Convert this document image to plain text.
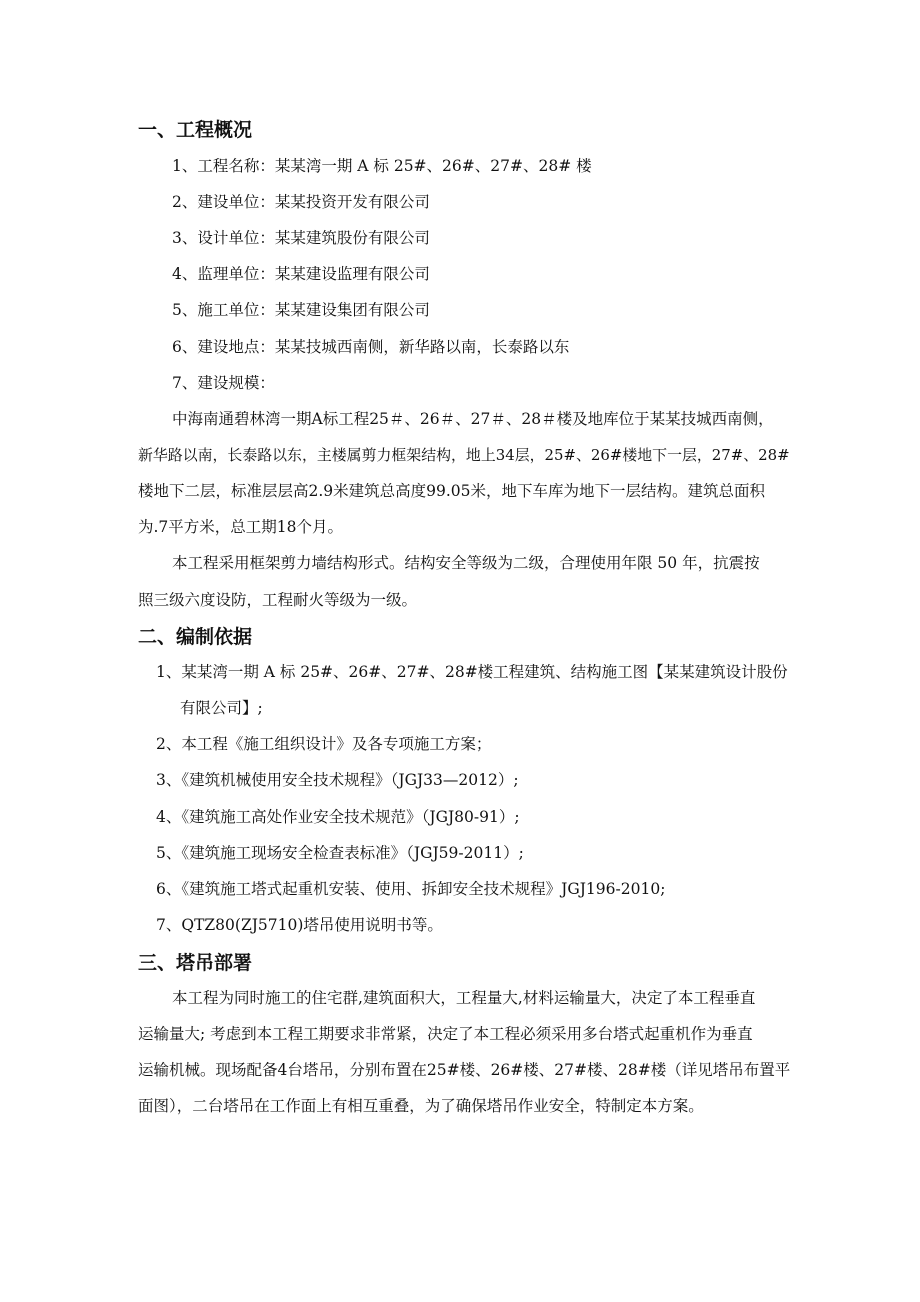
一、工程概况
1、工程名称：某某湾一期 A 标 25#、26#、27#、28# 楼
2、建设单位：某某投资开发有限公司
3、设计单位：某某建筑股份有限公司
4、监理单位：某某建设监理有限公司
5、施工单位：某某建设集团有限公司
6、建设地点：某某技城西南侧，新华路以南，长泰路以东
7、建设规模：
中海南通碧林湾一期A标工程25＃、26＃、27＃、28＃楼及地库位于某某技城西南侧，
新华路以南，长泰路以东，主楼属剪力框架结构，地上34层，25#、26#楼地下一层，27#、28#
楼地下二层，标准层层高2.9米建筑总高度99.05米，地下车库为地下一层结构。建筑总面积
为.7平方米，总工期18个月。
本工程采用框架剪力墙结构形式。结构安全等级为二级，合理使用年限 50 年，抗震按
照三级六度设防，工程耐火等级为一级。
二、编制依据
1、某某湾一期 A 标 25#、26#、27#、28#楼工程建筑、结构施工图【某某建筑设计股份
有限公司】;
2、本工程《施工组织设计》及各专项施工方案；
3、《建筑机械使用安全技术规程》（JGJ33—2012）;
4、《建筑施工高处作业安全技术规范》（JGJ80-91）;
5、《建筑施工现场安全检查表标准》（JGJ59-2011）;
6、《建筑施工塔式起重机安装、使用、拆卸安全技术规程》JGJ196-2010;
7、QTZ80(ZJ5710)塔吊使用说明书等。
三、塔吊部署
本工程为同时施工的住宅群,建筑面积大，工程量大,材料运输量大，决定了本工程垂直
运输量大; 考虑到本工程工期要求非常紧，决定了本工程必须采用多台塔式起重机作为垂直
运输机械。现场配备4台塔吊，分别布置在25#楼、26#楼、27#楼、28#楼（详见塔吊布置平
面图），二台塔吊在工作面上有相互重叠，为了确保塔吊作业安全，特制定本方案。
